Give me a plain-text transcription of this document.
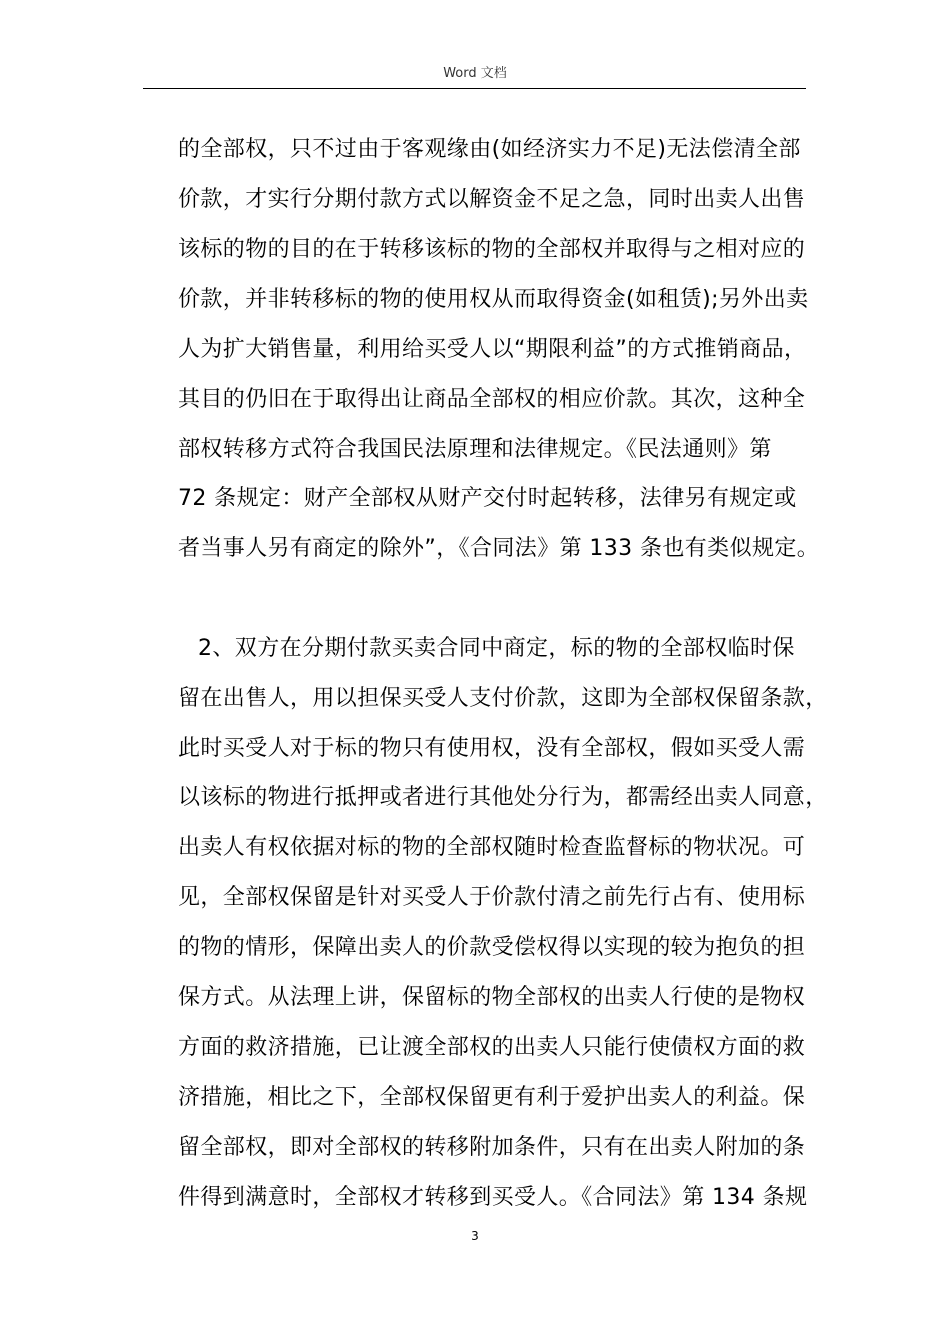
Word 文档
的全部权，只不过由于客观缘由(如经济实力不足)无法偿清全部
价款，才实行分期付款方式以解资金不足之急，同时出卖人出售
该标的物的目的在于转移该标的物的全部权并取得与之相对应的
价款，并非转移标的物的使用权从而取得资金(如租赁);另外出卖
人为扩大销售量，利用给买受人以“期限利益”的方式推销商品，
其目的仍旧在于取得出让商品全部权的相应价款。其次，这种全
部权转移方式符合我国民法原理和法律规定。《民法通则》第
72 条规定：财产全部权从财产交付时起转移，法律另有规定或
者当事人另有商定的除外”，《合同法》第 133 条也有类似规定。
2、双方在分期付款买卖合同中商定，标的物的全部权临时保
留在出售人，用以担保买受人支付价款，这即为全部权保留条款，
此时买受人对于标的物只有使用权，没有全部权，假如买受人需
以该标的物进行抵押或者进行其他处分行为，都需经出卖人同意，
出卖人有权依据对标的物的全部权随时检查监督标的物状况。可
见，全部权保留是针对买受人于价款付清之前先行占有、使用标
的物的情形，保障出卖人的价款受偿权得以实现的较为抱负的担
保方式。从法理上讲，保留标的物全部权的出卖人行使的是物权
方面的救济措施，已让渡全部权的出卖人只能行使债权方面的救
济措施，相比之下，全部权保留更有利于爱护出卖人的利益。保
留全部权，即对全部权的转移附加条件，只有在出卖人附加的条
件得到满意时，全部权才转移到买受人。《合同法》第 134 条规
3
